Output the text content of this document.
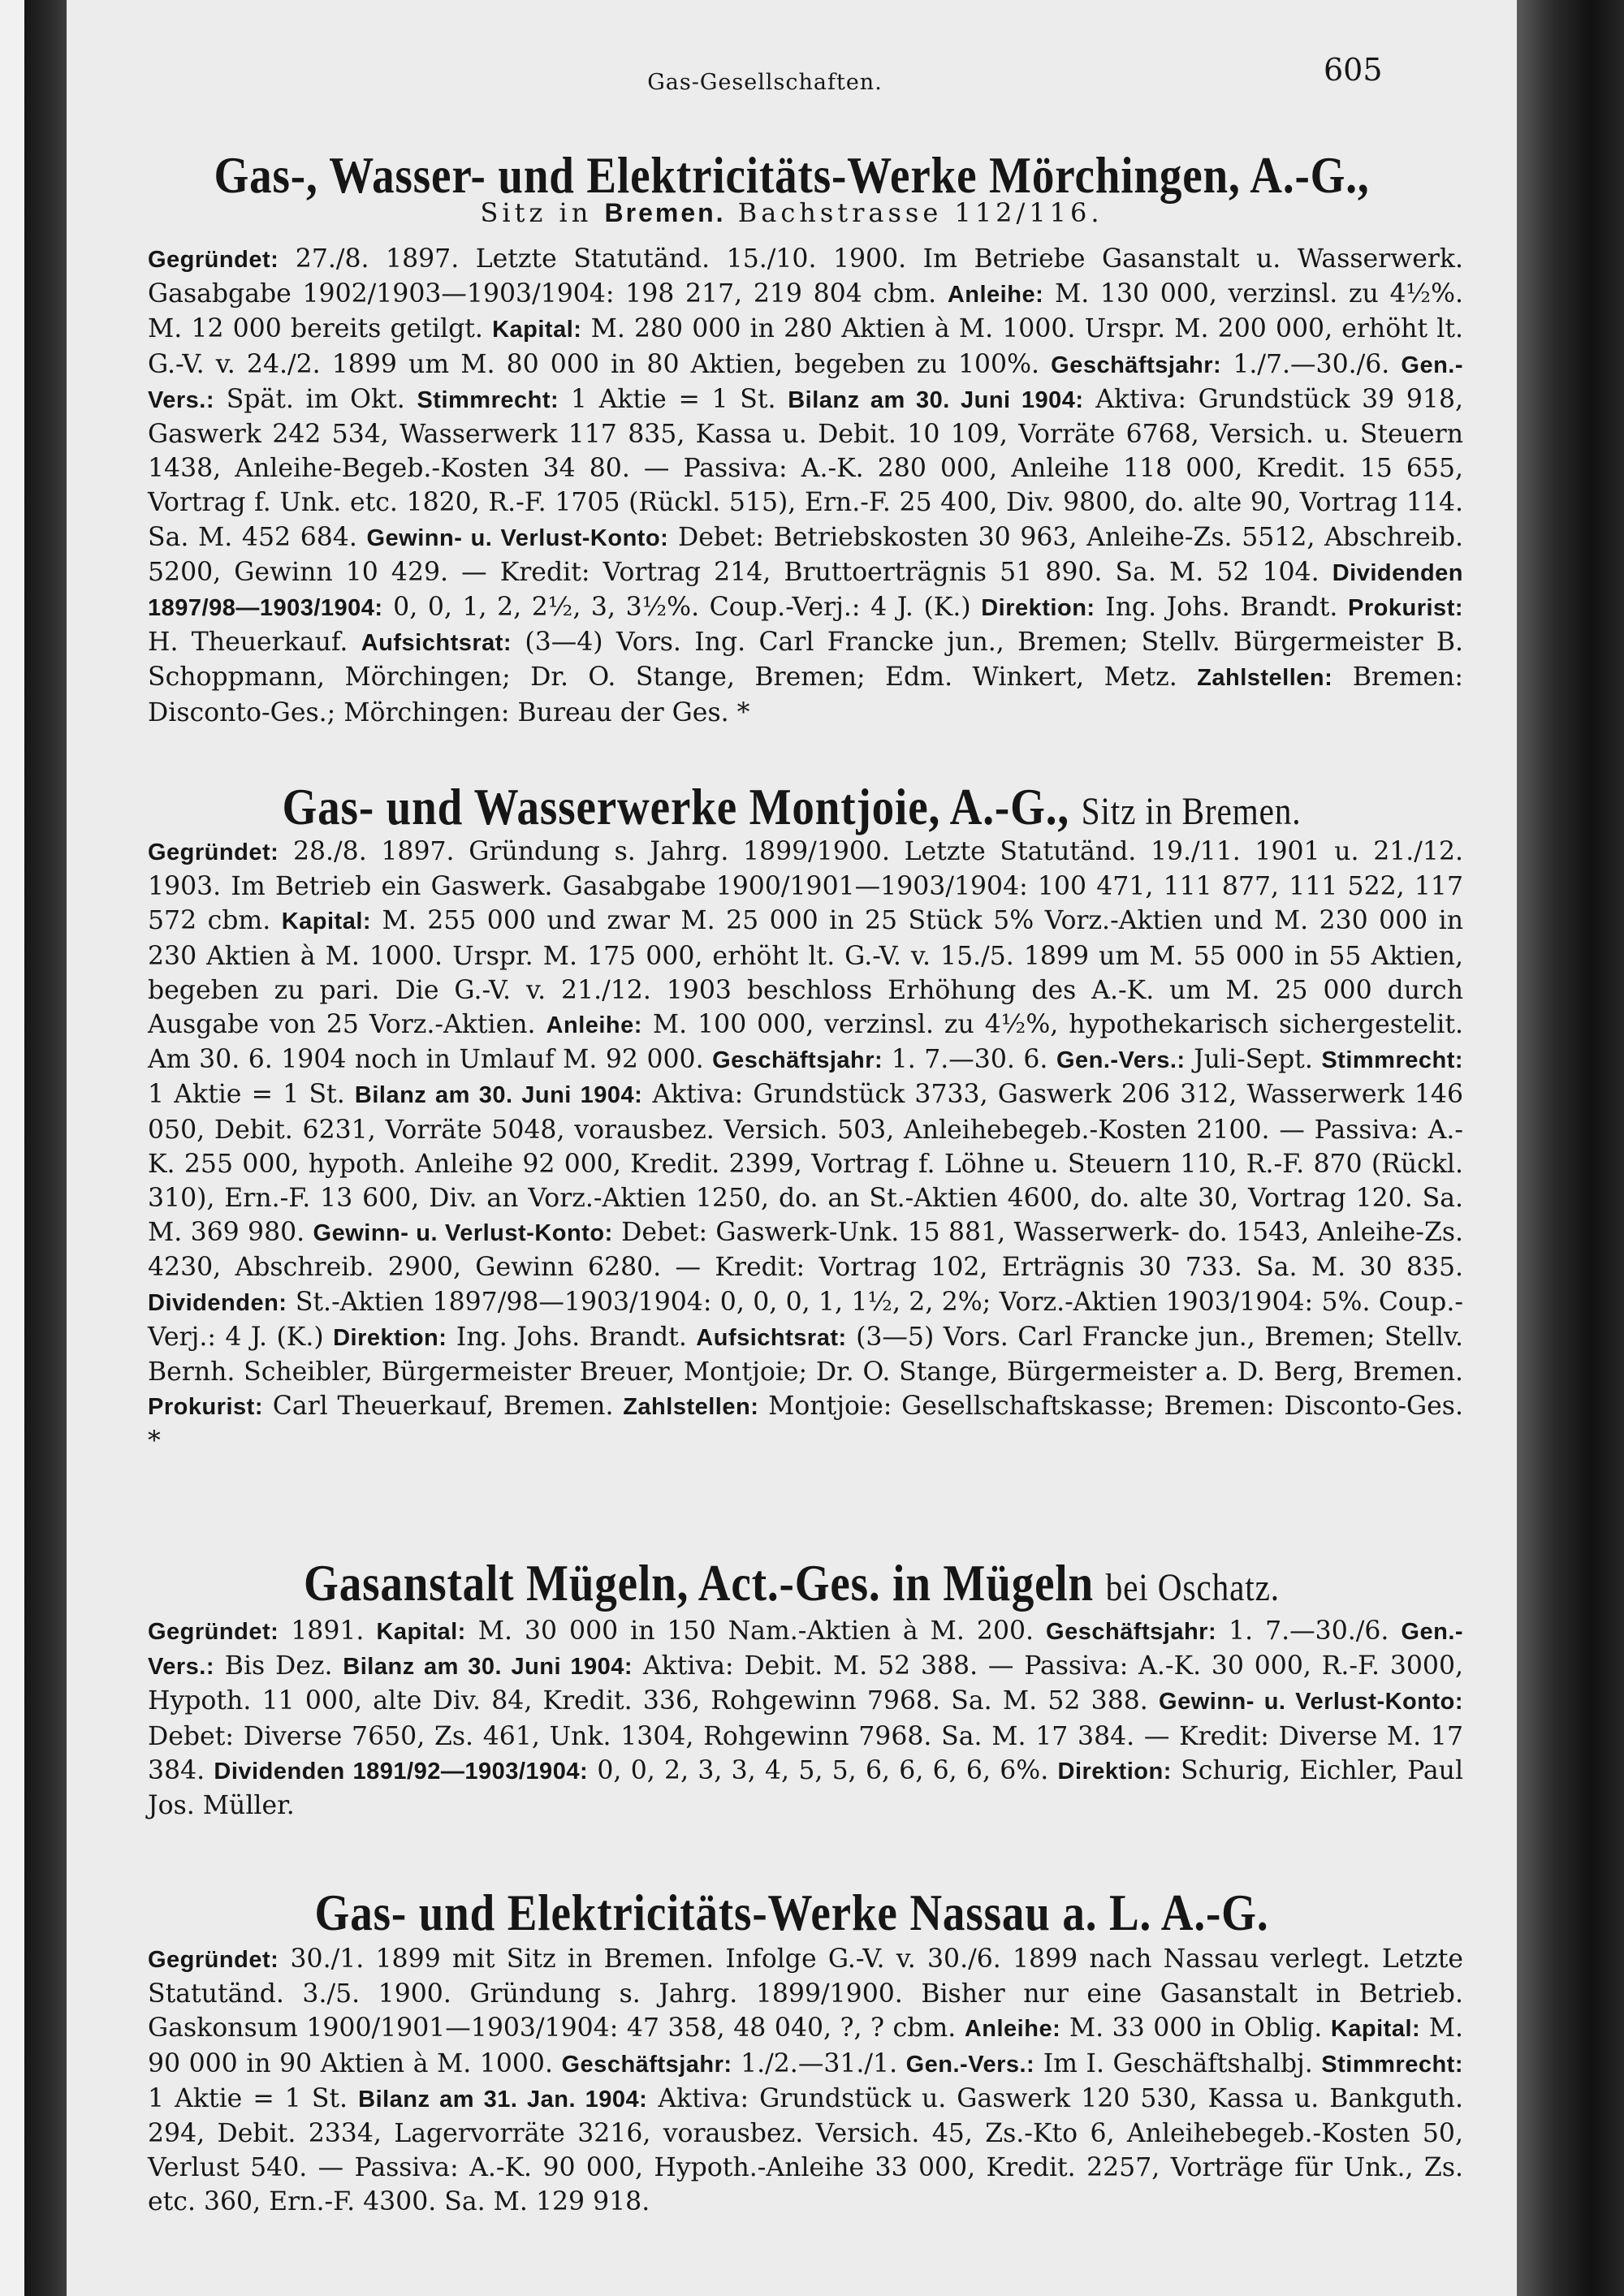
Gas-Gesellschaften.	605
Gas-, Wasser- und Elektricitäts-Werke Mörchingen, A.-G.,
Sitz in Bremen. Bachstrasse 112/116.

Gegründet: 27./8. 1897. Letzte Statutänd. 15./10. 1900. Im Betriebe Gasanstalt u. Wasserwerk. Gasabgabe 1902/1903—1903/1904: 198 217, 219 804 cbm. Anleihe: M. 130 000, verzinsl. zu 4½%. M. 12 000 bereits getilgt. Kapital: M. 280 000 in 280 Aktien à M. 1000. Urspr. M. 200 000, erhöht lt. G.-V. v. 24./2. 1899 um M. 80 000 in 80 Aktien, begeben zu 100%. Geschäftsjahr: 1./7.—30./6. Gen.-Vers.: Spät. im Okt. Stimmrecht: 1 Aktie = 1 St. Bilanz am 30. Juni 1904: Aktiva: Grundstück 39 918, Gaswerk 242 534, Wasserwerk 117 835, Kassa u. Debit. 10 109, Vorräte 6768, Versich. u. Steuern 1438, Anleihe-Begeb.-Kosten 34 80. — Passiva: A.-K. 280 000, Anleihe 118 000, Kredit. 15 655, Vortrag f. Unk. etc. 1820, R.-F. 1705 (Rückl. 515), Ern.-F. 25 400, Div. 9800, do. alte 90, Vortrag 114. Sa. M. 452 684. Gewinn- u. Verlust-Konto: Debet: Betriebskosten 30 963, Anleihe-Zs. 5512, Abschreib. 5200, Gewinn 10 429. — Kredit: Vortrag 214, Bruttoerträgnis 51 890. Sa. M. 52 104. Dividenden 1897/98—1903/1904: 0, 0, 1, 2, 2½, 3, 3½%. Coup.-Verj.: 4 J. (K.) Direktion: Ing. Johs. Brandt. Prokurist: H. Theuerkauf. Aufsichtsrat: (3—4) Vors. Ing. Carl Francke jun., Bremen; Stellv. Bürgermeister B. Schoppmann, Mörchingen; Dr. O. Stange, Bremen; Edm. Winkert, Metz. Zahlstellen: Bremen: Disconto-Ges.; Mörchingen: Bureau der Ges. *

Gas- und Wasserwerke Montjoie, A.-G., Sitz in Bremen.

Gegründet: 28./8. 1897. Gründung s. Jahrg. 1899/1900. Letzte Statutänd. 19./11. 1901 u. 21./12. 1903. Im Betrieb ein Gaswerk. Gasabgabe 1900/1901—1903/1904: 100 471, 111 877, 111 522, 117 572 cbm. Kapital: M. 255 000 und zwar M. 25 000 in 25 Stück 5% Vorz.-Aktien und M. 230 000 in 230 Aktien à M. 1000. Urspr. M. 175 000, erhöht lt. G.-V. v. 15./5. 1899 um M. 55 000 in 55 Aktien, begeben zu pari. Die G.-V. v. 21./12. 1903 beschloss Erhöhung des A.-K. um M. 25 000 durch Ausgabe von 25 Vorz.-Aktien. Anleihe: M. 100 000, verzinsl. zu 4½%, hypothekarisch sichergestelit. Am 30. 6. 1904 noch in Umlauf M. 92 000. Geschäftsjahr: 1. 7.—30. 6. Gen.-Vers.: Juli-Sept. Stimmrecht: 1 Aktie = 1 St. Bilanz am 30. Juni 1904: Aktiva: Grundstück 3733, Gaswerk 206 312, Wasserwerk 146 050, Debit. 6231, Vorräte 5048, vorausbez. Versich. 503, Anleihebegeb.-Kosten 2100. — Passiva: A.-K. 255 000, hypoth. Anleihe 92 000, Kredit. 2399, Vortrag f. Löhne u. Steuern 110, R.-F. 870 (Rückl. 310), Ern.-F. 13 600, Div. an Vorz.-Aktien 1250, do. an St.-Aktien 4600, do. alte 30, Vortrag 120. Sa. M. 369 980. Gewinn- u. Verlust-Konto: Debet: Gaswerk-Unk. 15 881, Wasserwerk- do. 1543, Anleihe-Zs. 4230, Abschreib. 2900, Gewinn 6280. — Kredit: Vortrag 102, Erträgnis 30 733. Sa. M. 30 835. Dividenden: St.-Aktien 1897/98—1903/1904: 0, 0, 0, 1, 1½, 2, 2%; Vorz.-Aktien 1903/1904: 5%. Coup.-Verj.: 4 J. (K.) Direktion: Ing. Johs. Brandt. Aufsichtsrat: (3—5) Vors. Carl Francke jun., Bremen; Stellv. Bernh. Scheibler, Bürgermeister Breuer, Montjoie; Dr. O. Stange, Bürgermeister a. D. Berg, Bremen. Prokurist: Carl Theuerkauf, Bremen. Zahlstellen: Montjoie: Gesellschaftskasse; Bremen: Disconto-Ges. *

Gasanstalt Mügeln, Act.-Ges. in Mügeln bei Oschatz.

Gegründet: 1891. Kapital: M. 30 000 in 150 Nam.-Aktien à M. 200. Geschäftsjahr: 1. 7.—30./6. Gen.-Vers.: Bis Dez. Bilanz am 30. Juni 1904: Aktiva: Debit. M. 52 388. — Passiva: A.-K. 30 000, R.-F. 3000, Hypoth. 11 000, alte Div. 84, Kredit. 336, Rohgewinn 7968. Sa. M. 52 388. Gewinn- u. Verlust-Konto: Debet: Diverse 7650, Zs. 461, Unk. 1304, Rohgewinn 7968. Sa. M. 17 384. — Kredit: Diverse M. 17 384. Dividenden 1891/92—1903/1904: 0, 0, 2, 3, 3, 4, 5, 5, 6, 6, 6, 6, 6%. Direktion: Schurig, Eichler, Paul Jos. Müller.

Gas- und Elektricitäts-Werke Nassau a. L. A.-G.

Gegründet: 30./1. 1899 mit Sitz in Bremen. Infolge G.-V. v. 30./6. 1899 nach Nassau verlegt. Letzte Statutänd. 3./5. 1900. Gründung s. Jahrg. 1899/1900. Bisher nur eine Gasanstalt in Betrieb. Gaskonsum 1900/1901—1903/1904: 47 358, 48 040, ?, ? cbm. Anleihe: M. 33 000 in Oblig. Kapital: M. 90 000 in 90 Aktien à M. 1000. Geschäftsjahr: 1./2.—31./1. Gen.-Vers.: Im I. Geschäftshalbj. Stimmrecht: 1 Aktie = 1 St. Bilanz am 31. Jan. 1904: Aktiva: Grundstück u. Gaswerk 120 530, Kassa u. Bankguth. 294, Debit. 2334, Lagervorräte 3216, vorausbez. Versich. 45, Zs.-Kto 6, Anleihebegeb.-Kosten 50, Verlust 540. — Passiva: A.-K. 90 000, Hypoth.-Anleihe 33 000, Kredit. 2257, Vorträge für Unk., Zs. etc. 360, Ern.-F. 4300. Sa. M. 129 918.
